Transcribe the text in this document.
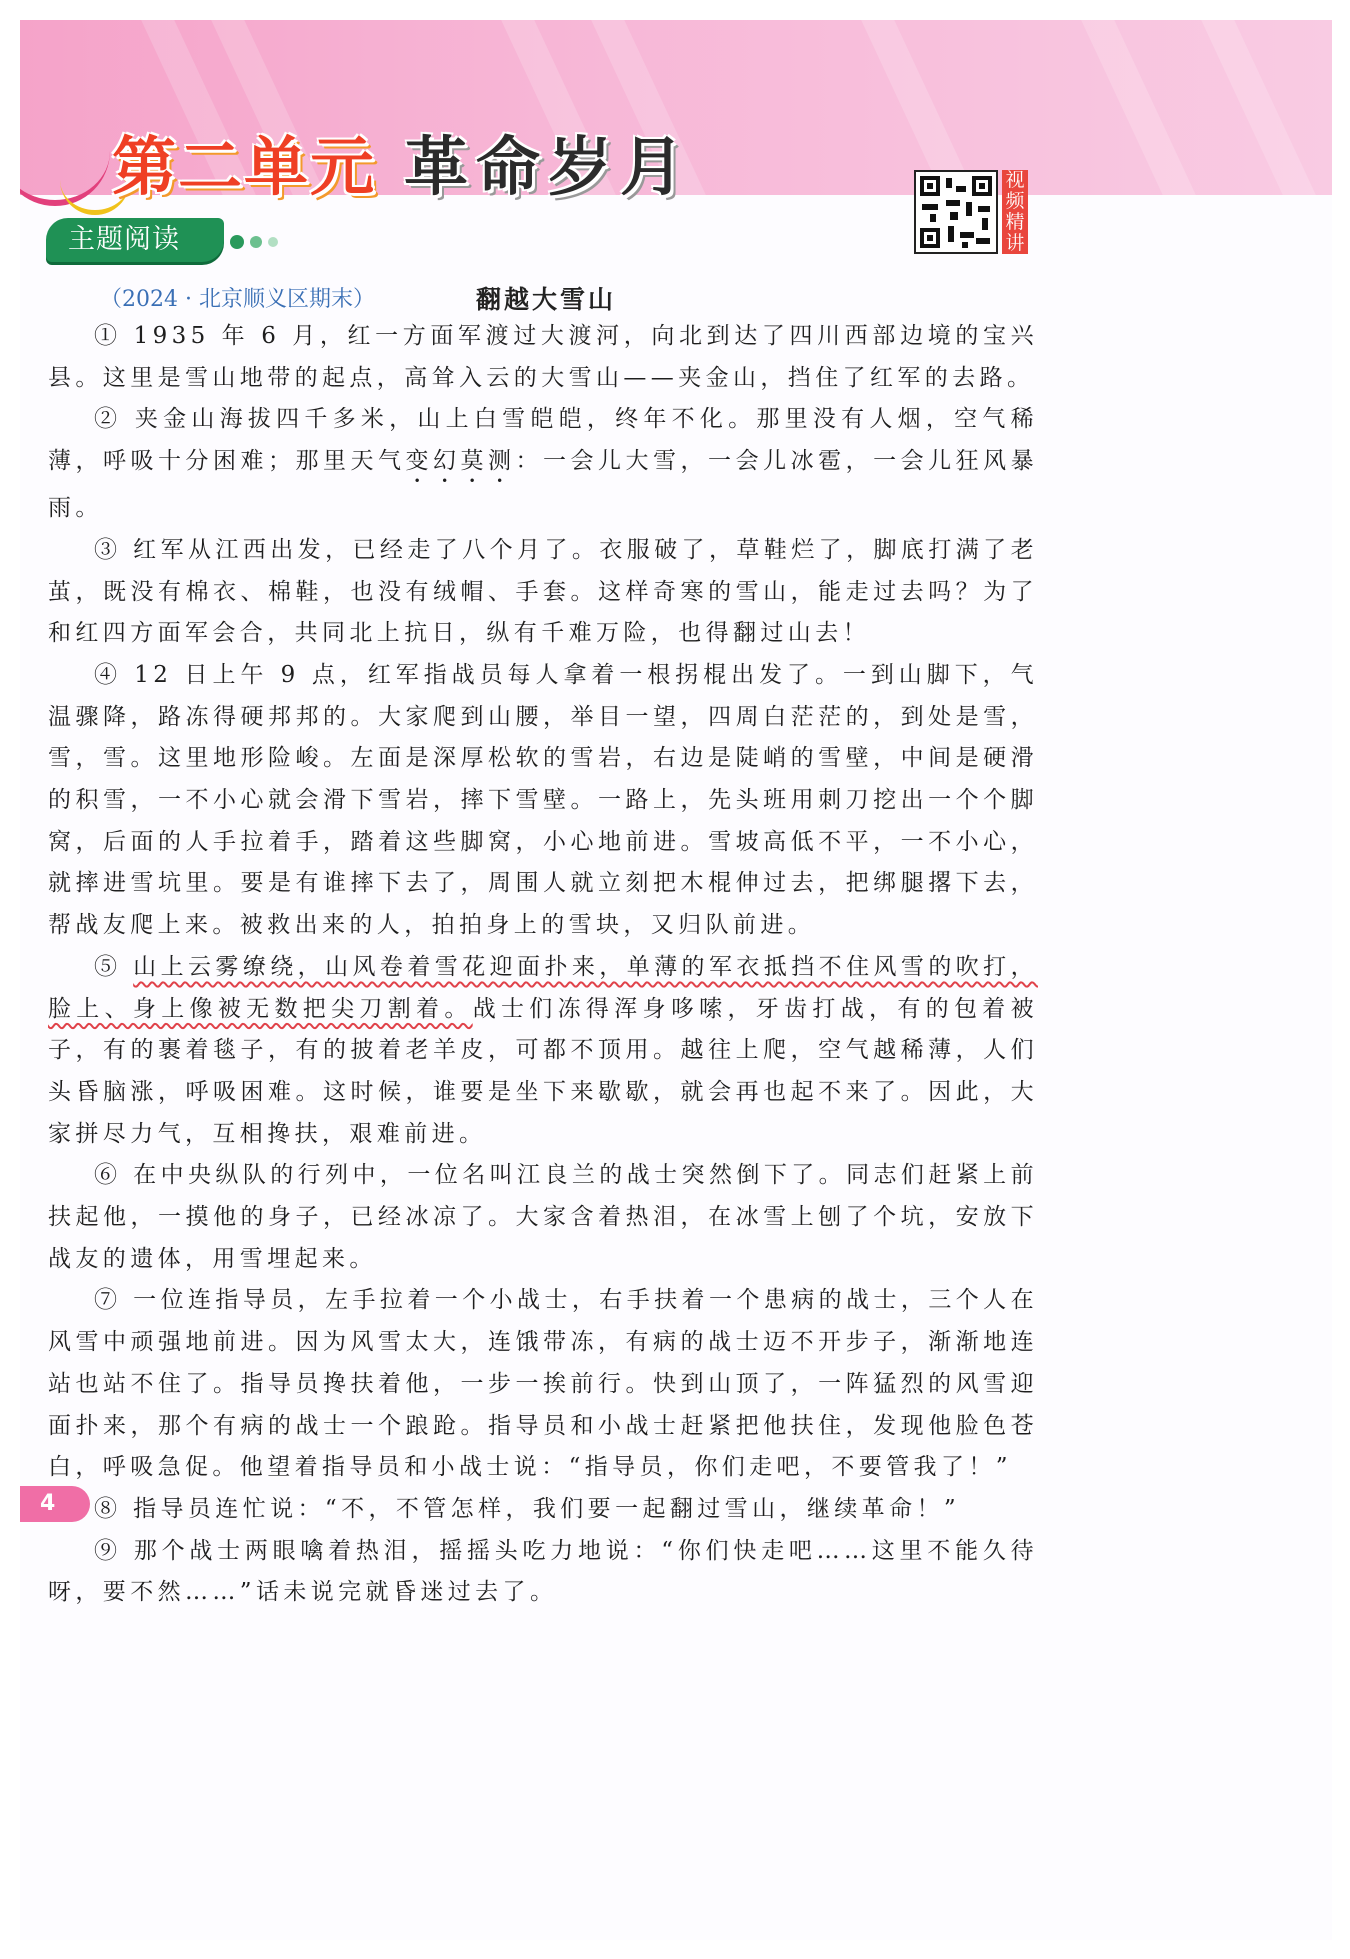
第二单元 革命岁月	视频精讲
主题阅读
（2024 · 北京顺义区期末）	翻越大雪山

① 1935 年 6 月，红一方面军渡过大渡河，向北到达了四川西部边境的宝兴县。这里是雪山地带的起点，高耸入云的大雪山——夹金山，挡住了红军的去路。

② 夹金山海拔四千多米，山上白雪皑皑，终年不化。那里没有人烟，空气稀薄，呼吸十分困难；那里天气变幻莫测：一会儿大雪，一会儿冰雹，一会儿狂风暴雨。

③ 红军从江西出发，已经走了八个月了。衣服破了，草鞋烂了，脚底打满了老茧，既没有棉衣、棉鞋，也没有绒帽、手套。这样奇寒的雪山，能走过去吗？为了和红四方面军会合，共同北上抗日，纵有千难万险，也得翻过山去！

④ 12 日上午 9 点，红军指战员每人拿着一根拐棍出发了。一到山脚下，气温骤降，路冻得硬邦邦的。大家爬到山腰，举目一望，四周白茫茫的，到处是雪，雪，雪。这里地形险峻。左面是深厚松软的雪岩，右边是陡峭的雪壁，中间是硬滑的积雪，一不小心就会滑下雪岩，摔下雪壁。一路上，先头班用刺刀挖出一个个脚窝，后面的人手拉着手，踏着这些脚窝，小心地前进。雪坡高低不平，一不小心，就摔进雪坑里。要是有谁摔下去了，周围人就立刻把木棍伸过去，把绑腿撂下去，帮战友爬上来。被救出来的人，拍拍身上的雪块，又归队前进。

⑤ 山上云雾缭绕，山风卷着雪花迎面扑来，单薄的军衣抵挡不住风雪的吹打，脸上、身上像被无数把尖刀割着。战士们冻得浑身哆嗦，牙齿打战，有的包着被子，有的裹着毯子，有的披着老羊皮，可都不顶用。越往上爬，空气越稀薄，人们头昏脑涨，呼吸困难。这时候，谁要是坐下来歇歇，就会再也起不来了。因此，大家拼尽力气，互相搀扶，艰难前进。

⑥ 在中央纵队的行列中，一位名叫江良兰的战士突然倒下了。同志们赶紧上前扶起他，一摸他的身子，已经冰凉了。大家含着热泪，在冰雪上刨了个坑，安放下战友的遗体，用雪埋起来。

⑦ 一位连指导员，左手拉着一个小战士，右手扶着一个患病的战士，三个人在风雪中顽强地前进。因为风雪太大，连饿带冻，有病的战士迈不开步子，渐渐地连站也站不住了。指导员搀扶着他，一步一挨前行。快到山顶了，一阵猛烈的风雪迎面扑来，那个有病的战士一个踉跄。指导员和小战士赶紧把他扶住，发现他脸色苍白，呼吸急促。他望着指导员和小战士说：“指导员，你们走吧，不要管我了！”

⑧ 指导员连忙说：“不，不管怎样，我们要一起翻过雪山，继续革命！”

⑨ 那个战士两眼噙着热泪，摇摇头吃力地说：“你们快走吧……这里不能久待呀，要不然……”话未说完就昏迷过去了。

4
